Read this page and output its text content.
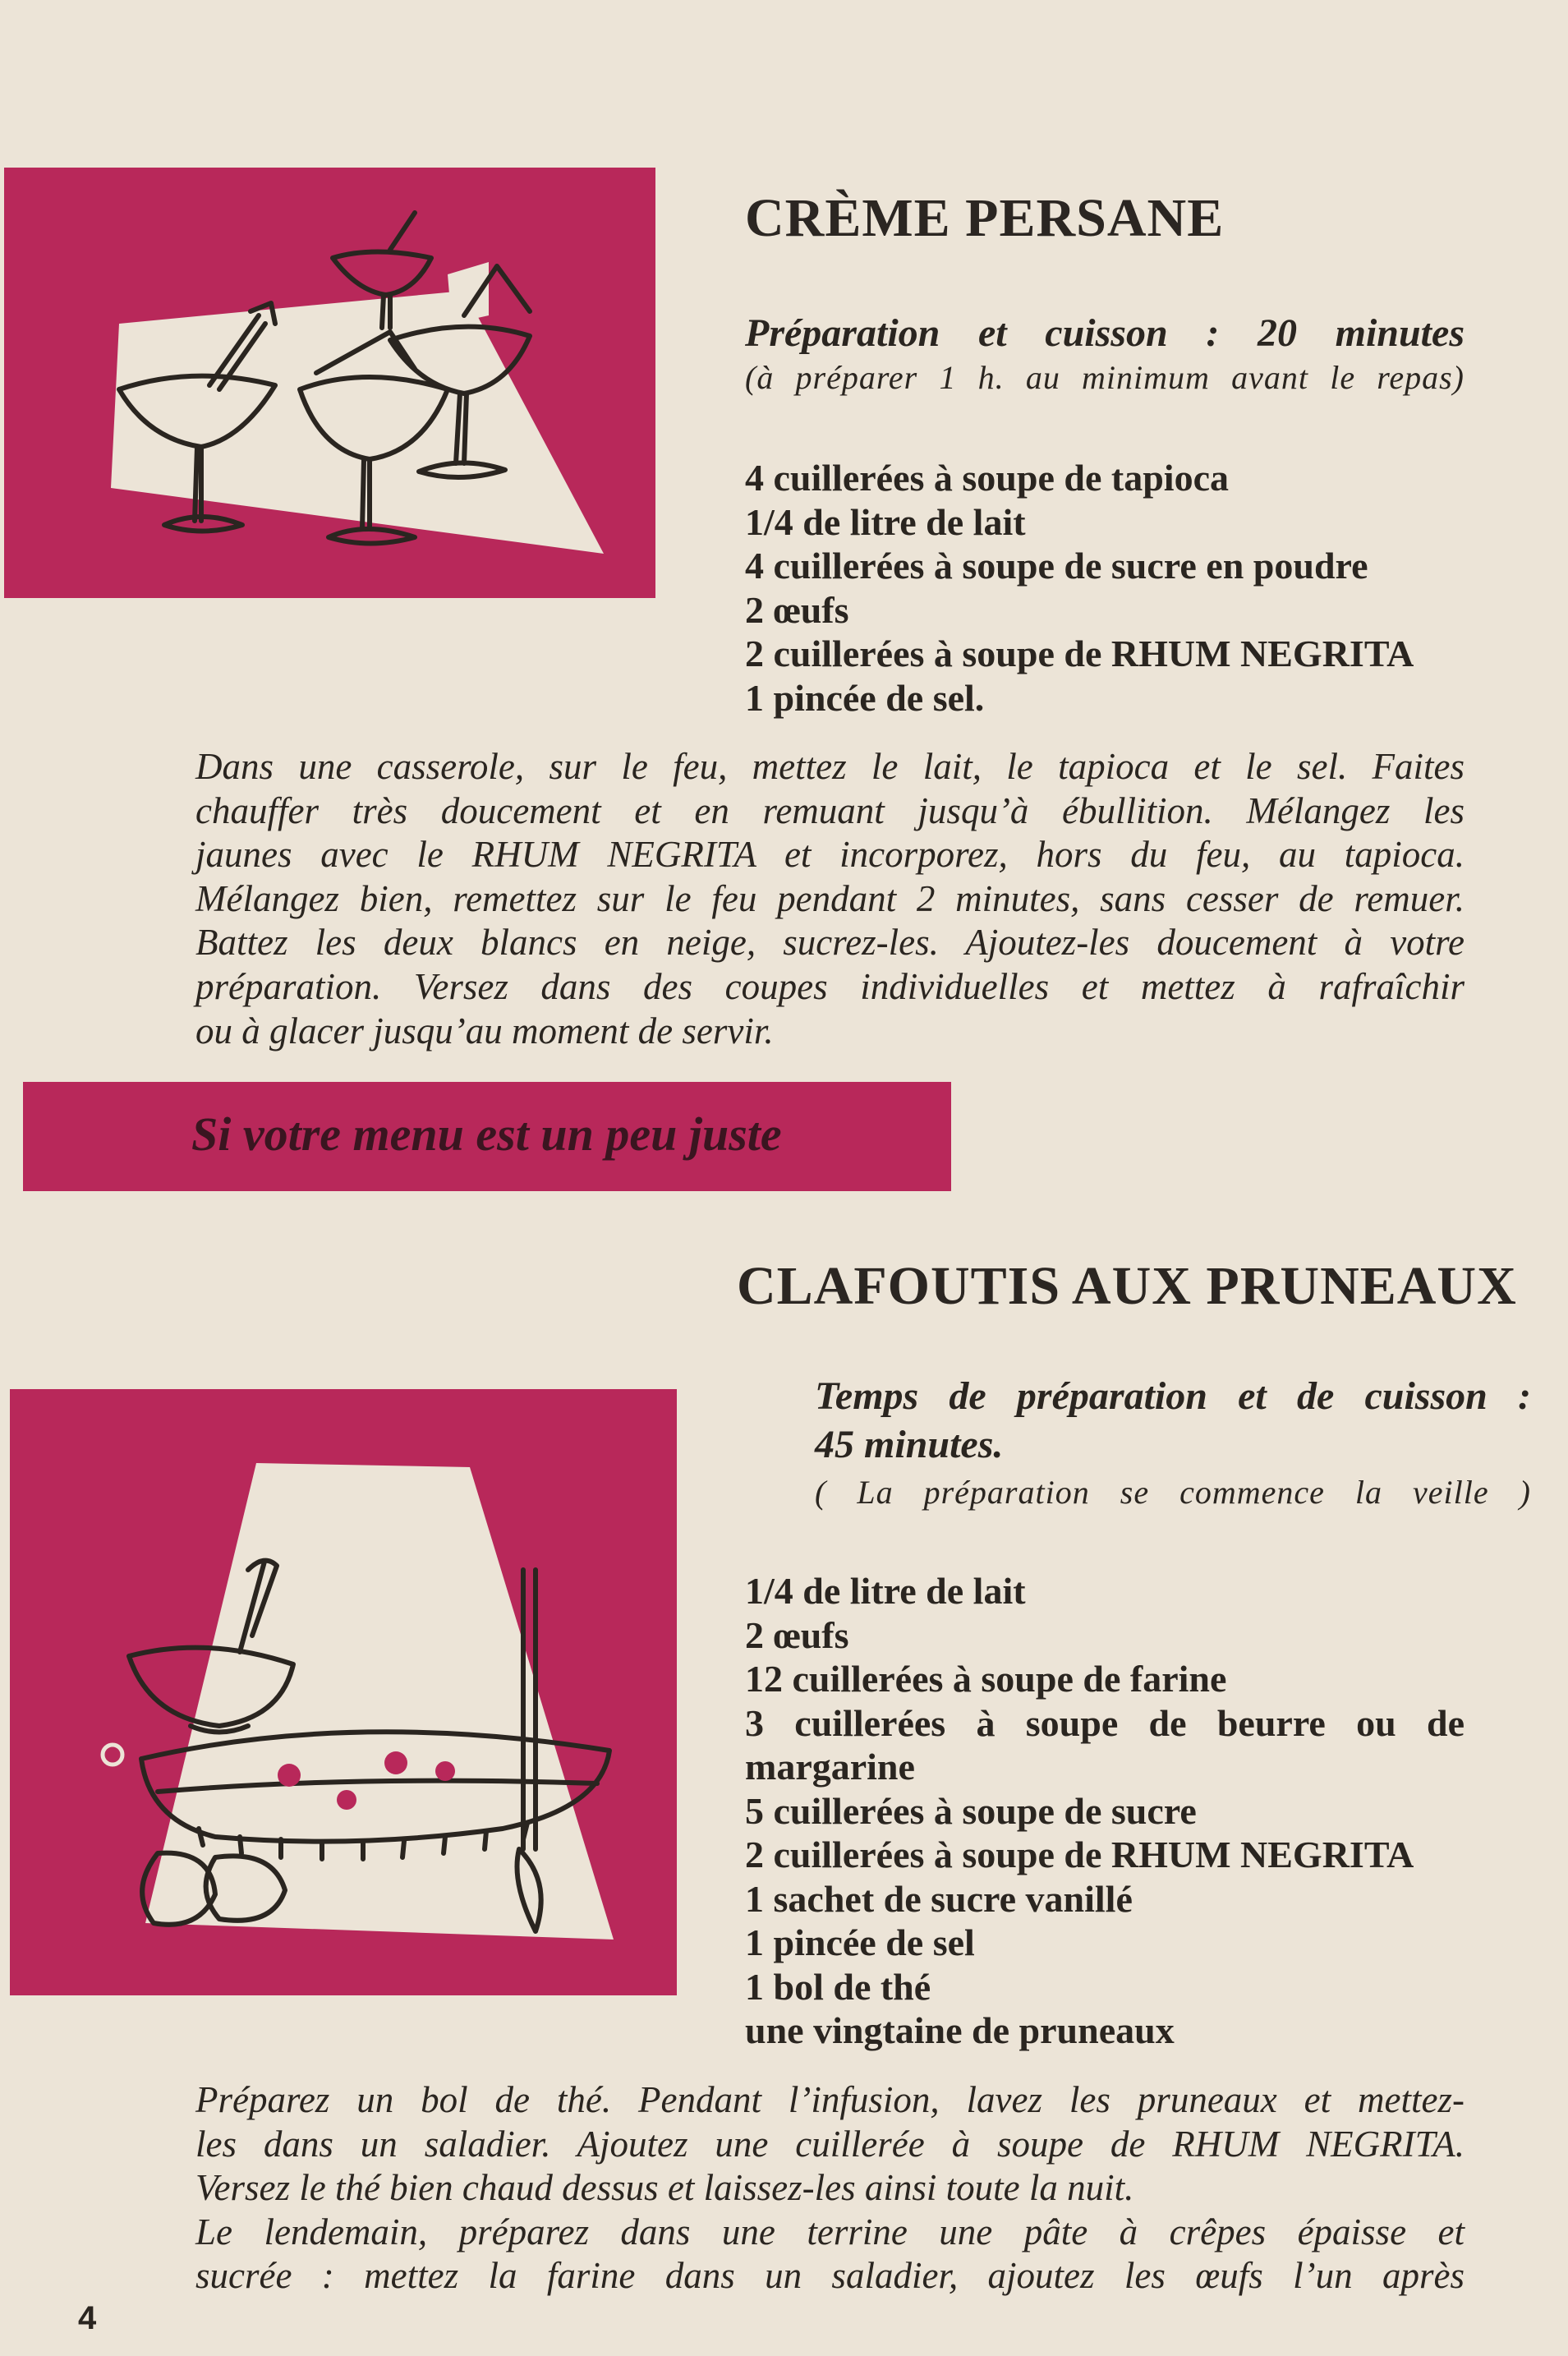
CRÈME PERSANE
Préparation et cuisson : 20 minutes
(à préparer 1 h. au minimum avant le repas)
4 cuillerées à soupe de tapioca
1/4 de litre de lait
4 cuillerées à soupe de sucre en poudre
2 œufs
2 cuillerées à soupe de RHUM NEGRITA
1 pincée de sel.
Dans une casserole, sur le feu, mettez le lait, le tapioca et le sel. Faites
chauffer très doucement et en remuant jusqu’à ébullition. Mélangez les
jaunes avec le RHUM NEGRITA et incorporez, hors du feu, au tapioca.
Mélangez bien, remettez sur le feu pendant 2 minutes, sans cesser de remuer.
Battez les deux blancs en neige, sucrez-les. Ajoutez-les doucement à votre
préparation. Versez dans des coupes individuelles et mettez à rafraîchir
ou à glacer jusqu’au moment de servir.
Si votre menu est un peu juste
CLAFOUTIS AUX PRUNEAUX
Temps de préparation et de cuisson :
45 minutes.
( La préparation se commence la veille )
1/4 de litre de lait
2 œufs
12 cuillerées à soupe de farine
3 cuillerées à soupe de beurre ou de
margarine
5 cuillerées à soupe de sucre
2 cuillerées à soupe de RHUM NEGRITA
1 sachet de sucre vanillé
1 pincée de sel
1 bol de thé
une vingtaine de pruneaux
Préparez un bol de thé. Pendant l’infusion, lavez les pruneaux et mettez-
les dans un saladier. Ajoutez une cuillerée à soupe de RHUM NEGRITA.
Versez le thé bien chaud dessus et laissez-les ainsi toute la nuit.
Le lendemain, préparez dans une terrine une pâte à crêpes épaisse et
sucrée : mettez la farine dans un saladier, ajoutez les œufs l’un après
4
